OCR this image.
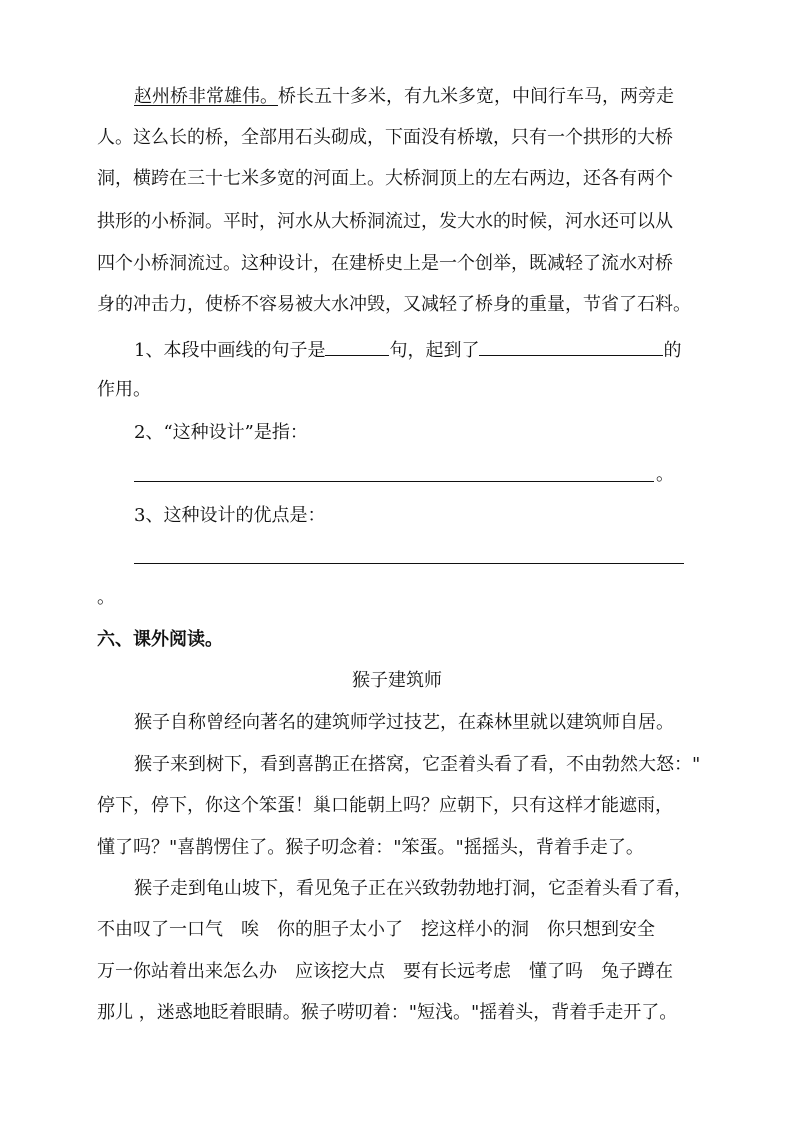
赵州桥非常雄伟。桥长五十多米，有九米多宽，中间行车马，两旁走
人。这么长的桥，全部用石头砌成，下面没有桥墩，只有一个拱形的大桥
洞，横跨在三十七米多宽的河面上。大桥洞顶上的左右两边，还各有两个
拱形的小桥洞。平时，河水从大桥洞流过，发大水的时候，河水还可以从
四个小桥洞流过。这种设计，在建桥史上是一个创举，既减轻了流水对桥
身的冲击力，使桥不容易被大水冲毁，又减轻了桥身的重量，节省了石料。
1、本段中画线的句子是	句，起到了	的
作用。
2、“这种设计”是指：
。
3、这种设计的优点是：
。
六、课外阅读。
猴子建筑师
猴子自称曾经向著名的建筑师学过技艺，在森林里就以建筑师自居。
猴子来到树下，看到喜鹊正在搭窝，它歪着头看了看，不由勃然大怒："
停下，停下，你这个笨蛋！巢口能朝上吗？应朝下，只有这样才能遮雨，
懂了吗？"喜鹊愣住了。猴子叨念着："笨蛋。"摇摇头，背着手走了。
猴子走到龟山坡下，看见兔子正在兴致勃勃地打洞，它歪着头看了看，
不由叹了一口气　唉　你的胆子太小了　挖这样小的洞　你只想到安全
万一你站着出来怎么办　应该挖大点　要有长远考虑　懂了吗　兔子蹲在
那儿 ，迷惑地眨着眼睛。猴子唠叨着："短浅。"摇着头，背着手走开了。
